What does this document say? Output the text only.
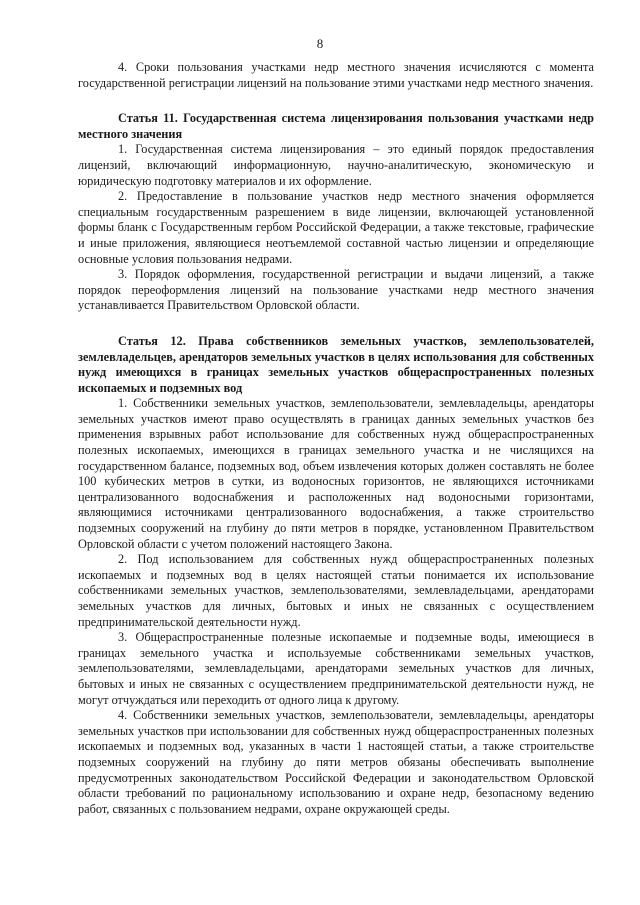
8

4. Сроки пользования участками недр местного значения исчисляются с момента государственной регистрации лицензий на пользование этими участками недр местного значения.

Статья 11. Государственная система лицензирования пользования участками недр местного значения

1. Государственная система лицензирования – это единый порядок предоставления лицензий, включающий информационную, научно-аналитическую, экономическую и юридическую подготовку материалов и их оформление.

2. Предоставление в пользование участков недр местного значения оформляется специальным государственным разрешением в виде лицензии, включающей установленной формы бланк с Государственным гербом Российской Федерации, а также текстовые, графические и иные приложения, являющиеся неотъемлемой составной частью лицензии и определяющие основные условия пользования недрами.

3. Порядок оформления, государственной регистрации и выдачи лицензий, а также порядок переоформления лицензий на пользование участками недр местного значения устанавливается Правительством Орловской области.

Статья 12. Права собственников земельных участков, землепользователей, землевладельцев, арендаторов земельных участков в целях использования для собственных нужд имеющихся в границах земельных участков общераспространенных полезных ископаемых и подземных вод

1. Собственники земельных участков, землепользователи, землевладельцы, арендаторы земельных участков имеют право осуществлять в границах данных земельных участков без применения взрывных работ использование для собственных нужд общераспространенных полезных ископаемых, имеющихся в границах земельного участка и не числящихся на государственном балансе, подземных вод, объем извлечения которых должен составлять не более 100 кубических метров в сутки, из водоносных горизонтов, не являющихся источниками централизованного водоснабжения и расположенных над водоносными горизонтами, являющимися источниками централизованного водоснабжения, а также строительство подземных сооружений на глубину до пяти метров в порядке, установленном Правительством Орловской области с учетом положений настоящего Закона.

2. Под использованием для собственных нужд общераспространенных полезных ископаемых и подземных вод в целях настоящей статьи понимается их использование собственниками земельных участков, землепользователями, землевладельцами, арендаторами земельных участков для личных, бытовых и иных не связанных с осуществлением предпринимательской деятельности нужд.

3. Общераспространенные полезные ископаемые и подземные воды, имеющиеся в границах земельного участка и используемые собственниками земельных участков, землепользователями, землевладельцами, арендаторами земельных участков для личных, бытовых и иных не связанных с осуществлением предпринимательской деятельности нужд, не могут отчуждаться или переходить от одного лица к другому.

4. Собственники земельных участков, землепользователи, землевладельцы, арендаторы земельных участков при использовании для собственных нужд общераспространенных полезных ископаемых и подземных вод, указанных в части 1 настоящей статьи, а также строительстве подземных сооружений на глубину до пяти метров обязаны обеспечивать выполнение предусмотренных законодательством Российской Федерации и законодательством Орловской области требований по рациональному использованию и охране недр, безопасному ведению работ, связанных с пользованием недрами, охране окружающей среды.
